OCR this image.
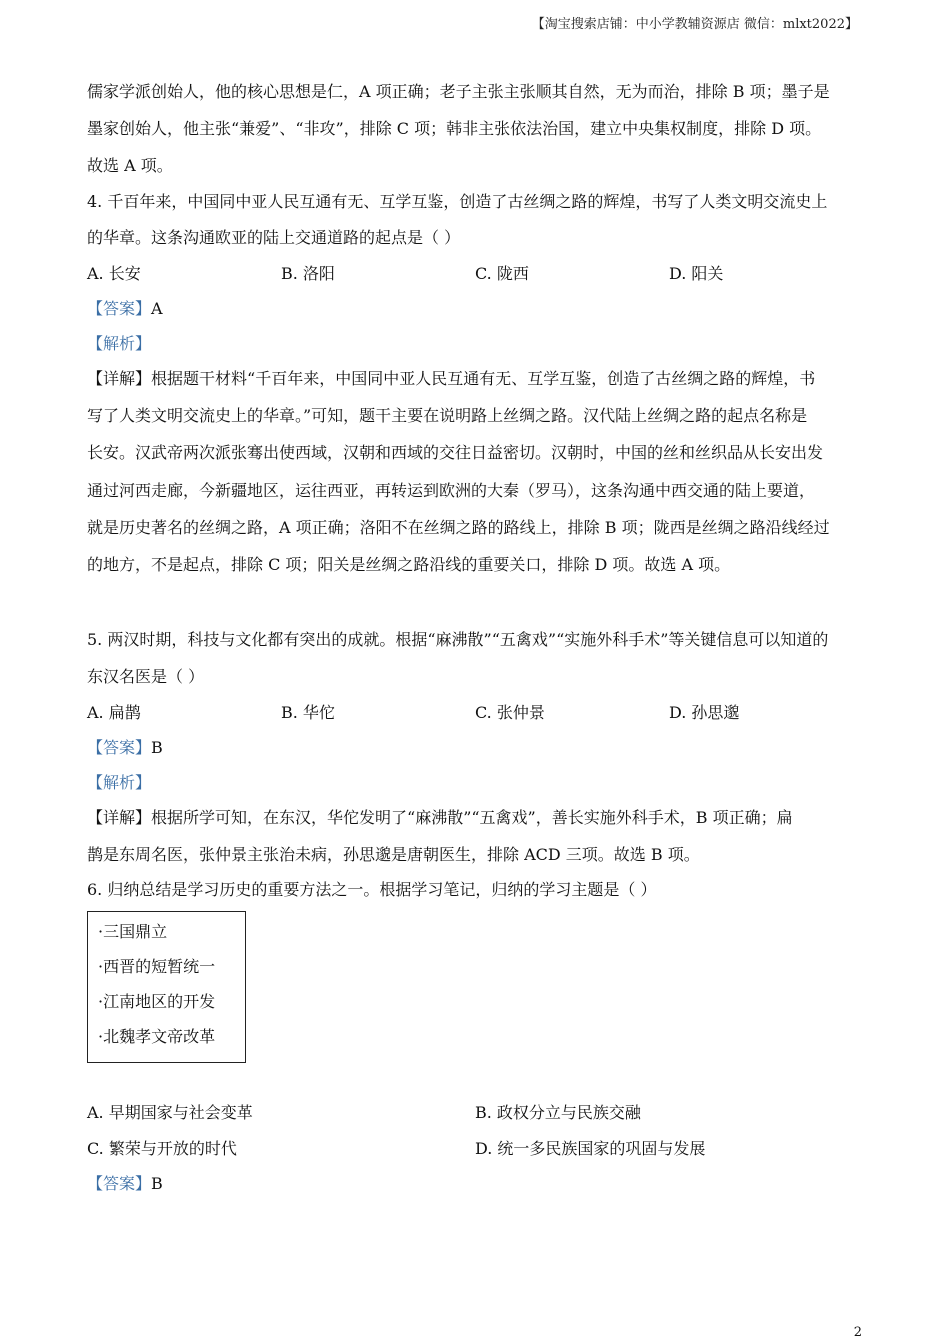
【淘宝搜索店铺：中小学教辅资源店 微信：mlxt2022】
儒家学派创始人，他的核心思想是仁，A 项正确；老子主张主张顺其自然，无为而治，排除 B 项；墨子是
墨家创始人，他主张“兼爱”、“非攻”，排除 C 项；韩非主张依法治国，建立中央集权制度，排除 D 项。
故选 A 项。
4. 千百年来，中国同中亚人民互通有无、互学互鉴，创造了古丝绸之路的辉煌，书写了人类文明交流史上
的华章。这条沟通欧亚的陆上交通道路的起点是（ ）
A. 长安	B. 洛阳	C. 陇西	D. 阳关
【答案】A
【解析】
【详解】根据题干材料“千百年来，中国同中亚人民互通有无、互学互鉴，创造了古丝绸之路的辉煌，书
写了人类文明交流史上的华章。”可知，题干主要在说明路上丝绸之路。汉代陆上丝绸之路的起点名称是
长安。汉武帝两次派张骞出使西域，汉朝和西域的交往日益密切。汉朝时，中国的丝和丝织品从长安出发
通过河西走廊，今新疆地区，运往西亚，再转运到欧洲的大秦（罗马），这条沟通中西交通的陆上要道，
就是历史著名的丝绸之路，A 项正确；洛阳不在丝绸之路的路线上，排除 B 项；陇西是丝绸之路沿线经过
的地方，不是起点，排除 C 项；阳关是丝绸之路沿线的重要关口，排除 D 项。故选 A 项。
5. 两汉时期，科技与文化都有突出的成就。根据“麻沸散”“五禽戏”“实施外科手术”等关键信息可以知道的
东汉名医是（ ）
A. 扁鹊	B. 华佗	C. 张仲景	D. 孙思邈
【答案】B
【解析】
【详解】根据所学可知，在东汉，华佗发明了“麻沸散”“五禽戏”，善长实施外科手术，B 项正确；扁
鹊是东周名医，张仲景主张治未病，孙思邈是唐朝医生，排除 ACD 三项。故选 B 项。
6. 归纳总结是学习历史的重要方法之一。根据学习笔记，归纳的学习主题是（ ）
·三国鼎立
·西晋的短暂统一
·江南地区的开发
·北魏孝文帝改革
A. 早期国家与社会变革	B. 政权分立与民族交融
C. 繁荣与开放的时代	D. 统一多民族国家的巩固与发展
【答案】B
2
